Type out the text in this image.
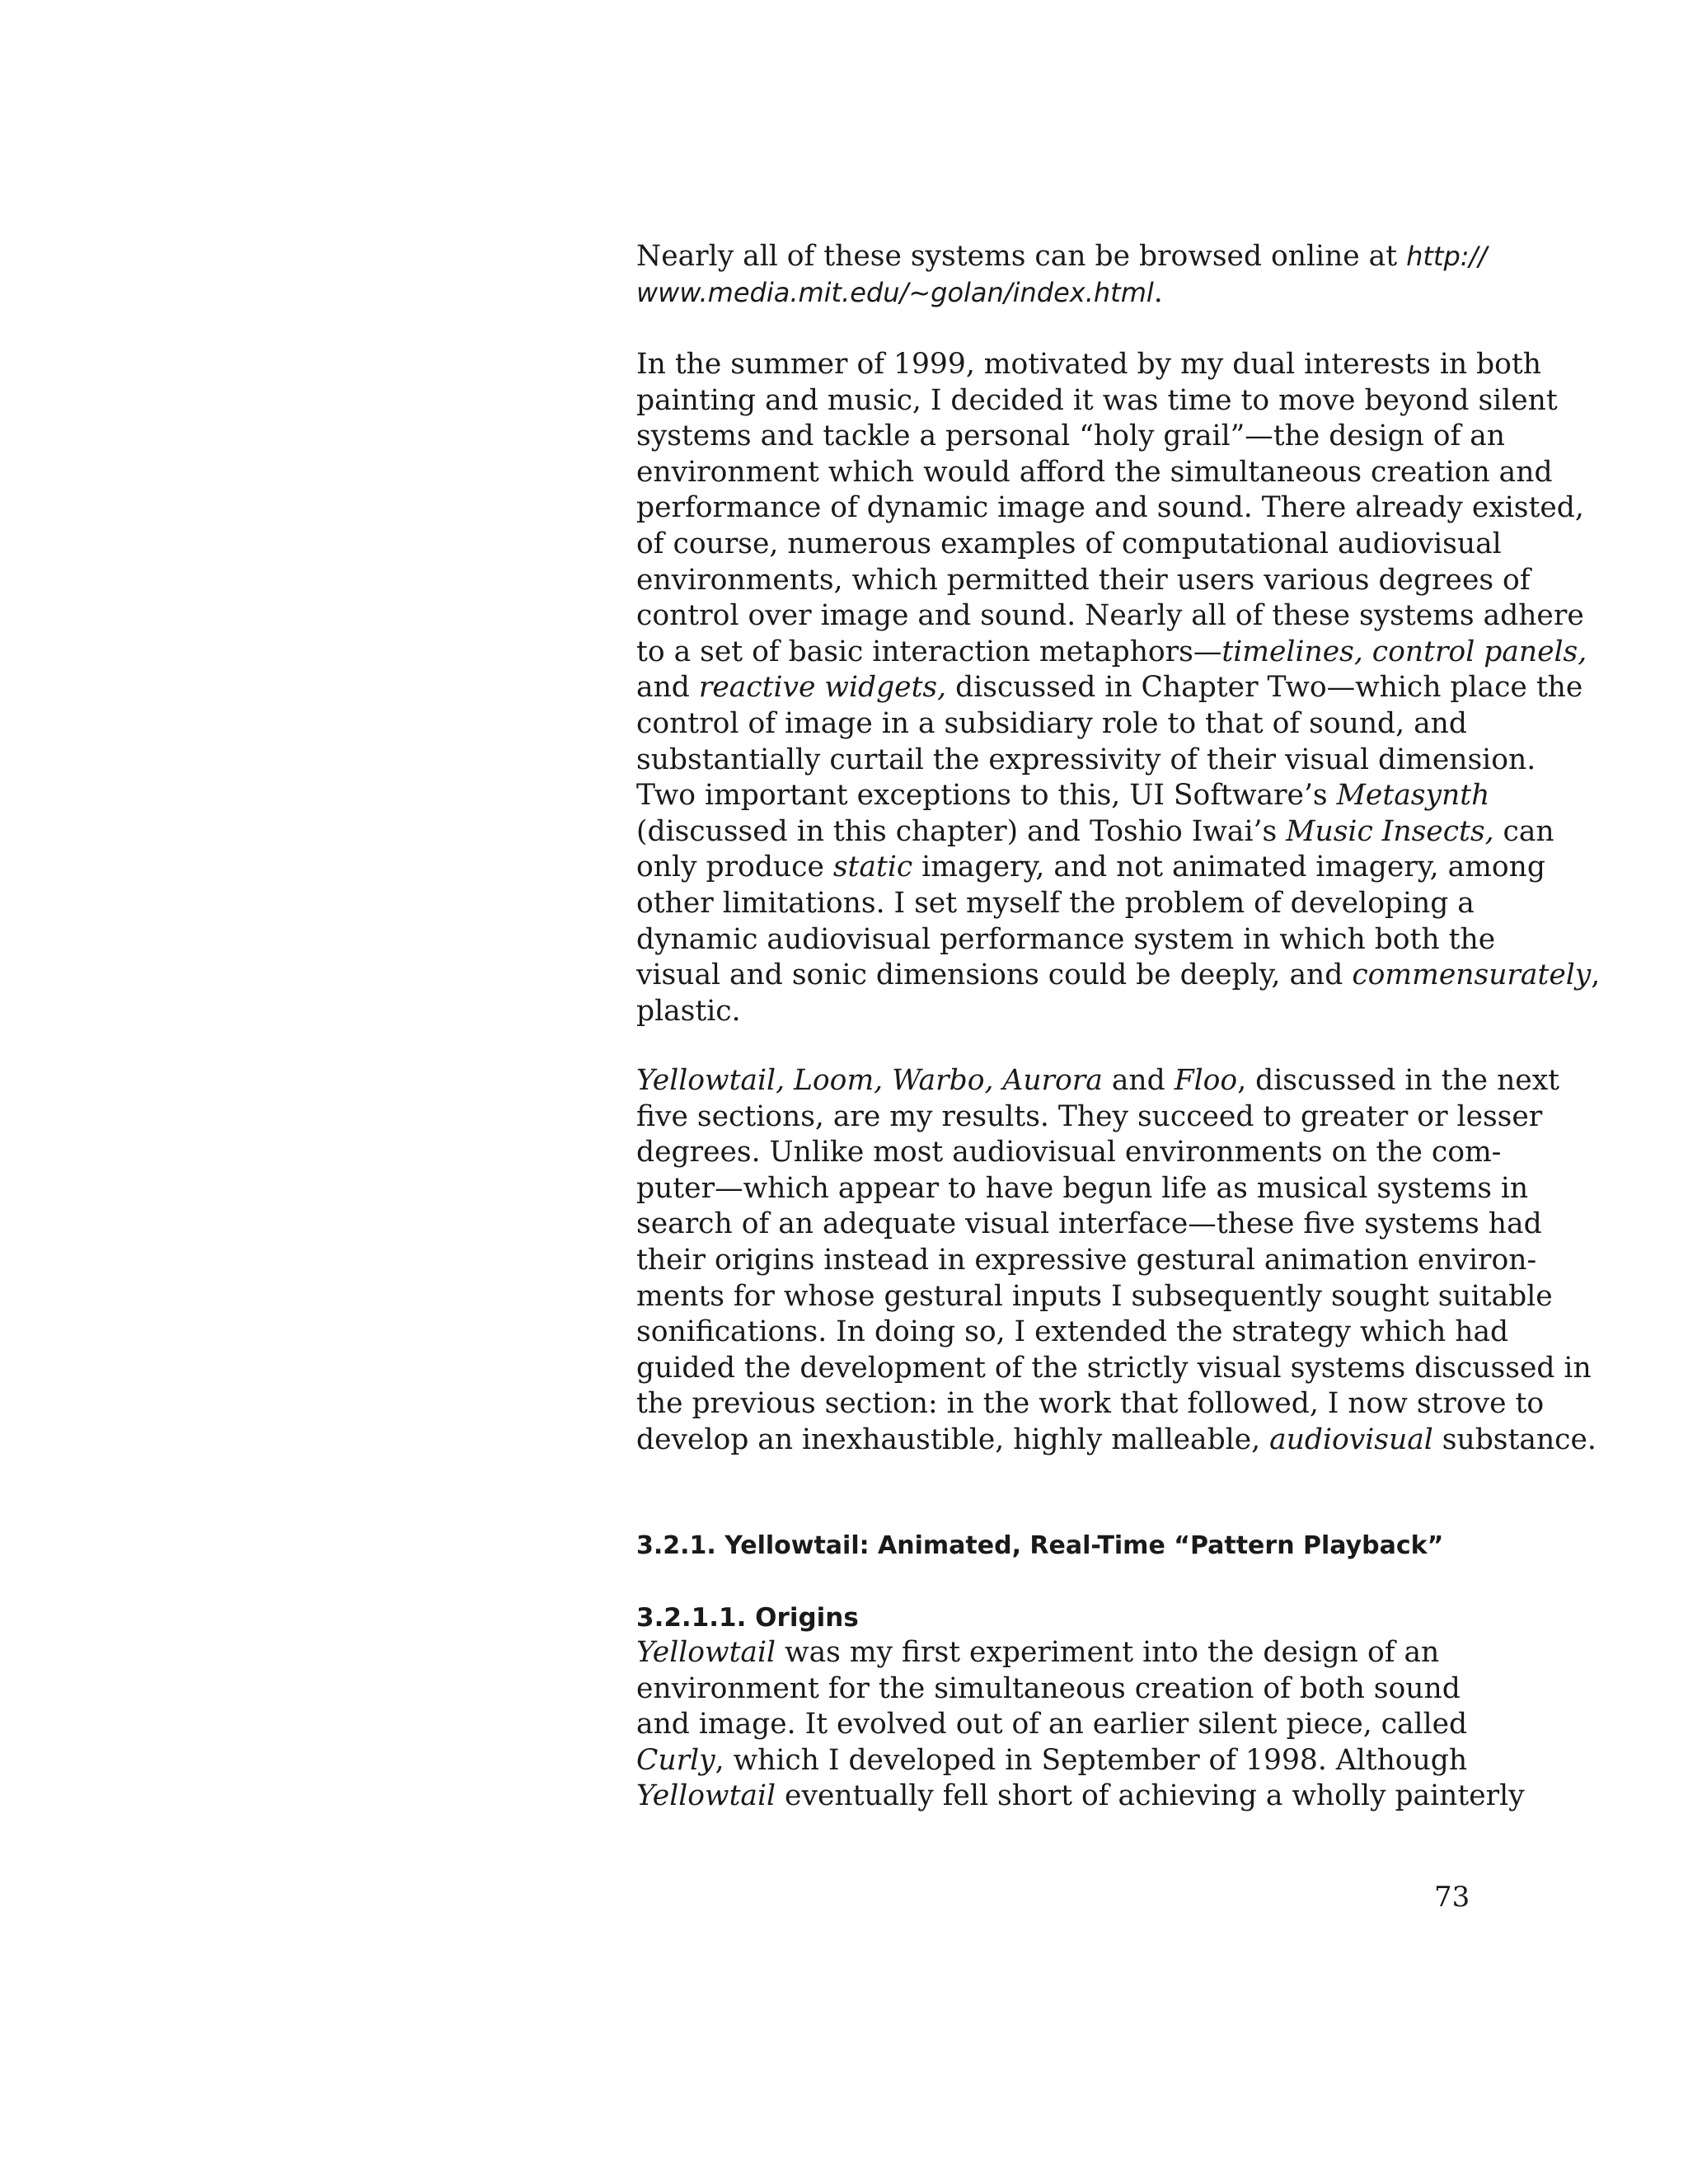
Nearly all of these systems can be browsed online at http://
www.media.mit.edu/~golan/index.html.
In the summer of 1999, motivated by my dual interests in both
painting and music, I decided it was time to move beyond silent
systems and tackle a personal “holy grail”—the design of an
environment which would afford the simultaneous creation and
performance of dynamic image and sound. There already existed,
of course, numerous examples of computational audiovisual
environments, which permitted their users various degrees of
control over image and sound. Nearly all of these systems adhere
to a set of basic interaction metaphors—timelines, control panels,
and reactive widgets, discussed in Chapter Two—which place the
control of image in a subsidiary role to that of sound, and
substantially curtail the expressivity of their visual dimension.
Two important exceptions to this, UI Software’s Metasynth
(discussed in this chapter) and Toshio Iwai’s Music Insects, can
only produce static imagery, and not animated imagery, among
other limitations. I set myself the problem of developing a
dynamic audiovisual performance system in which both the
visual and sonic dimensions could be deeply, and commensurately,
plastic.
Yellowtail, Loom, Warbo, Aurora and Floo, discussed in the next
five sections, are my results. They succeed to greater or lesser
degrees. Unlike most audiovisual environments on the com-
puter—which appear to have begun life as musical systems in
search of an adequate visual interface—these five systems had
their origins instead in expressive gestural animation environ-
ments for whose gestural inputs I subsequently sought suitable
sonifications. In doing so, I extended the strategy which had
guided the development of the strictly visual systems discussed in
the previous section: in the work that followed, I now strove to
develop an inexhaustible, highly malleable, audiovisual substance.
3.2.1. Yellowtail: Animated, Real-Time “Pattern Playback”
3.2.1.1. Origins
Yellowtail was my first experiment into the design of an
environment for the simultaneous creation of both sound
and image. It evolved out of an earlier silent piece, called
Curly, which I developed in September of 1998. Although
Yellowtail eventually fell short of achieving a wholly painterly
73
